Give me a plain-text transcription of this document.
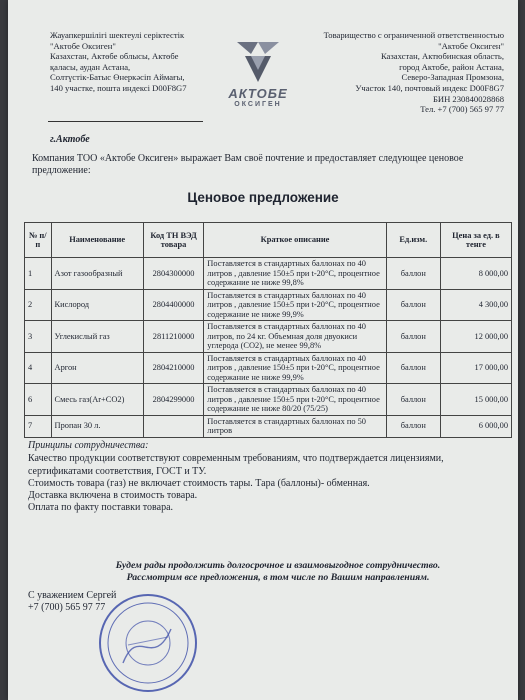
Жауапкершілігі шектеулі серіктестік
"Актобе Оксиген"
Казахстан, Актөбе облысы, Актөбе
қаласы, аудан Астана,
Солтүстік-Батыс Өнеркәсіп Аймағы,
140 участке, пошта индексі D00F8G7	АКТОБЕ
ОКСИГЕН
Товарищество с ограниченной ответственностью
"Актобе Оксиген"
Казахстан, Актюбинская область,
город Актобе, район Астана,
Северо-Западная Промзона,
Участок 140, почтовый индекс D00F8G7
БИН 230840028868
Тел. +7 (700) 565 97 77
г.Актобе
Компания ТОО «Актобе Оксиген» выражает Вам своё почтение и предоставляет следующее ценовое предложение:
Ценовое предложение
№ п/п	Наименование	Код ТН ВЭД товара	Краткое описание	Ед.изм.	Цена за ед. в тенге
1	Азот газообразный	2804300000	Поставляется в стандартных баллонах по 40 литров , давление 150±5 при t-20°C, процентное содержание не ниже 99,8%	баллон	8 000,00
2	Кислород	2804400000	Поставляется в стандартных баллонах по 40 литров , давление 150±5 при t-20°C, процентное содержание не ниже 99,9%	баллон	4 300,00
3	Углекислый газ	2811210000	Поставляется в стандартных баллонах по 40 литров, по 24 кг. Объемная доля двуокиси углерода (СО2), не менее 99,8%	баллон	12 000,00
4	Аргон	2804210000	Поставляется в стандартных баллонах по 40 литров , давление 150±5 при t-20°C, процентное содержание не ниже 99,9%	баллон	17 000,00
6	Смесь газ(Ar+CO2)	2804299000	Поставляется в стандартных баллонах по 40 литров , давление 150±5 при t-20°C, процентное содержание не ниже 80/20 (75/25)	баллон	15 000,00
7	Пропан 30 л.		Поставляется в стандартных баллонах по 50 литров	баллон	6 000,00
Принципы сотрудничества:
Качество продукции соответствуют современным требованиям, что подтверждается лицензиями, сертификатами соответствия, ГОСТ и ТУ.
Стоимость товара (газ) не включает стоимость тары. Тара (баллоны)- обменная.
Доставка включена в стоимость товара.
Оплата по факту поставки товара.
Будем рады продолжить долгосрочное и взаимовыгодное сотрудничество.
Рассмотрим все предложения, в том числе по Вашим направлениям.
С уважением Сергей
+7 (700) 565 97 77
